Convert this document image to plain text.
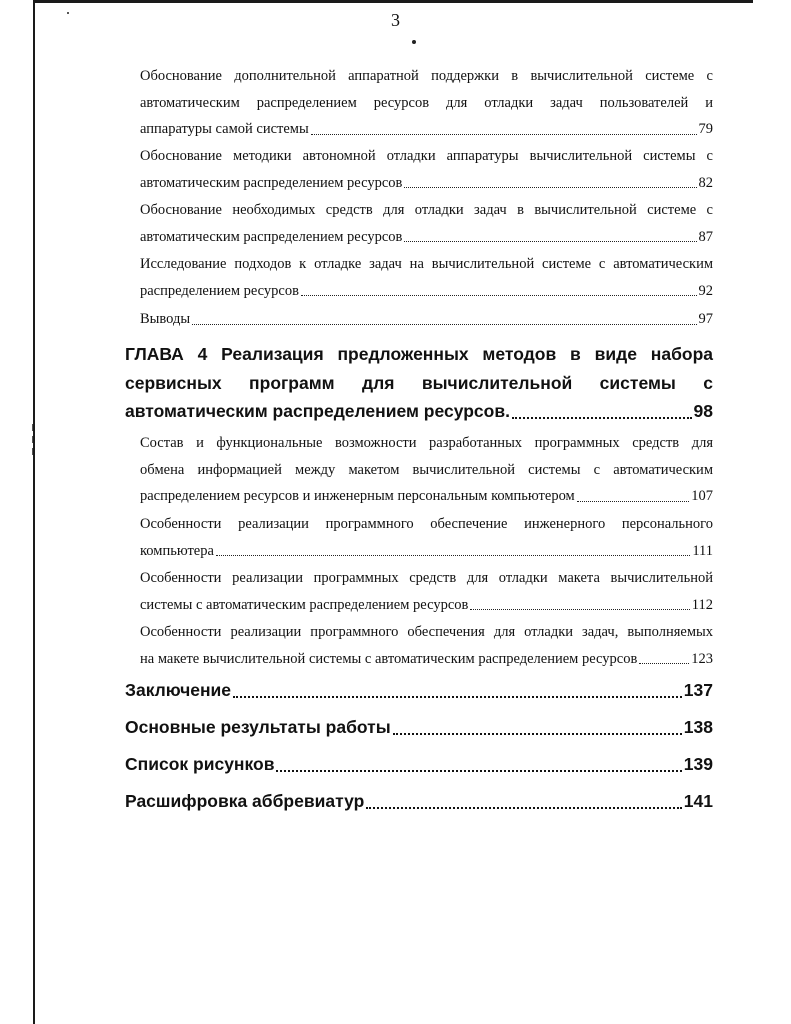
3
Обоснование дополнительной аппаратной поддержки в вычислительной системе с
автоматическим распределением ресурсов для отладки задач пользователей и
аппаратуры самой системы	79
Обоснование методики автономной отладки аппаратуры вычислительной системы с
автоматическим распределением ресурсов	82
Обоснование необходимых средств для отладки задач в вычислительной системе с
автоматическим распределением ресурсов	87
Исследование подходов к отладке задач на вычислительной системе с автоматическим
распределением ресурсов	92
Выводы	97
ГЛАВА 4 Реализация предложенных методов в виде набора
сервисных программ для вычислительной системы с
автоматическим распределением ресурсов.	98
Состав и функциональные возможности разработанных программных средств для
обмена информацией между макетом вычислительной системы с автоматическим
распределением ресурсов и инженерным персональным компьютером	107
Особенности реализации программного обеспечение инженерного персонального
компьютера	111
Особенности реализации программных средств для отладки макета вычислительной
системы с автоматическим распределением ресурсов	112
Особенности реализации программного обеспечения для отладки задач, выполняемых
на макете вычислительной системы с автоматическим распределением ресурсов	123
Заключение	137
Основные результаты работы	138
Список рисунков	139
Расшифровка аббревиатур	141
